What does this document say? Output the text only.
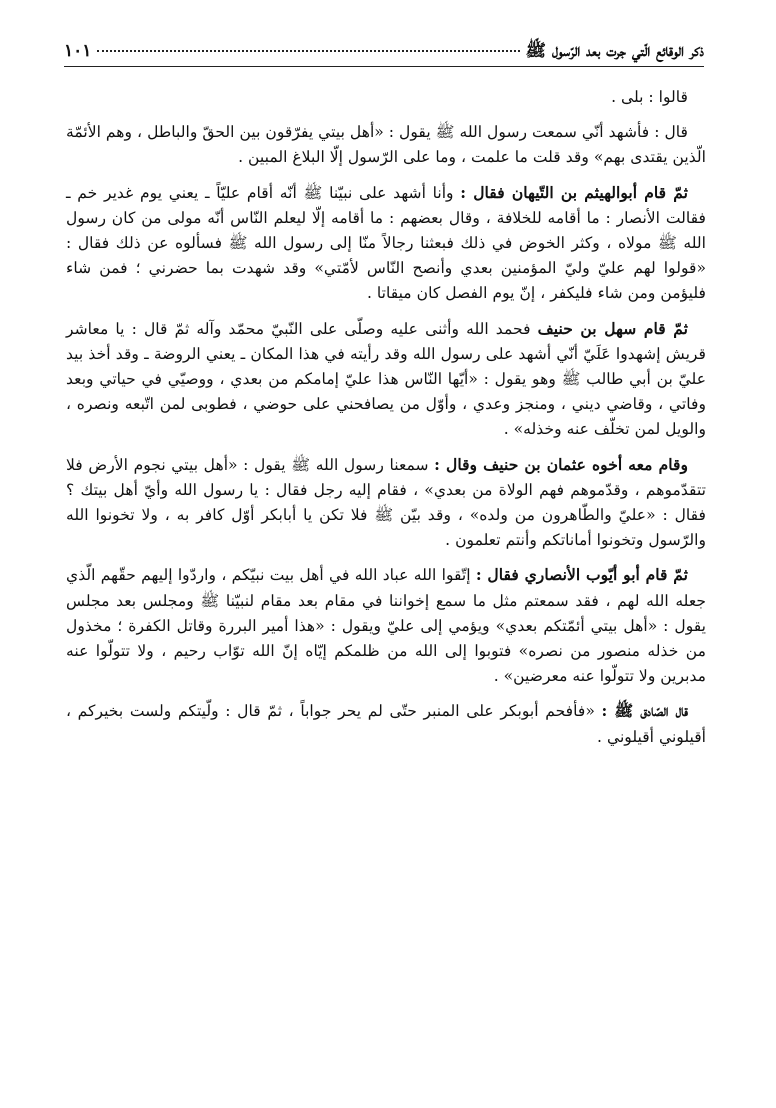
ذكر الوقائع الّتي جرت بعد الرّسول ﷺ
١٠١

قالوا : بلى .

قال : فأشهد أنّي سمعت رسول الله ﷺ يقول : «أهل بيتي يفرّقون بين الحقّ والباطل ، وهم الأئمّة الّذين يقتدى بهم» وقد قلت ما علمت ، وما على الرّسول إلّا البلاغ المبين .

ثمّ قام أبوالهيثم بن التّيهان فقال : وأنا أشهد على نبيّنا ﷺ أنّه أقام عليّاً ـ يعني يوم غدير خم ـ فقالت الأنصار : ما أقامه للخلافة ، وقال بعضهم : ما أقامه إلّا ليعلم النّاس أنّه مولى من كان رسول الله ﷺ مولاه ، وكثر الخوض في ذلك فبعثنا رجالاً منّا إلى رسول الله ﷺ فسألوه عن ذلك فقال : «قولوا لهم عليّ وليّ المؤمنين بعدي وأنصح النّاس لأمّتي» وقد شهدت بما حضرني ؛ فمن شاء فليؤمن ومن شاء فليكفر ، إنّ يوم الفصل كان ميقاتا .

ثمّ قام سهل بن حنيف فحمد الله وأثنى عليه وصلّى على النّبيّ محمّد وآله ثمّ قال : يا معاشر قريش إشهدوا عَلَيّ أنّي أشهد على رسول الله وقد رأيته في هذا المكان ـ يعني الروضة ـ وقد أخذ بيد عليّ بن أبي طالب ﷺ وهو يقول : «أيّها النّاس هذا عليّ إمامكم من بعدي ، ووصيّي في حياتي وبعد وفاتي ، وقاضي ديني ، ومنجز وعدي ، وأوّل من يصافحني على حوضي ، فطوبى لمن اتّبعه ونصره ، والويل لمن تخلّف عنه وخذله» .

وقام معه أخوه عثمان بن حنيف وقال : سمعنا رسول الله ﷺ يقول : «أهل بيتي نجوم الأرض فلا تتقدّموهم ، وقدّموهم فهم الولاة من بعدي» ، فقام إليه رجل فقال : يا رسول الله وأيّ أهل بيتك ؟ فقال : «عليّ والطّاهرون من ولده» ، وقد بيّن ﷺ فلا تكن يا أبابكر أوّل كافر به ، ولا تخونوا الله والرّسول وتخونوا أماناتكم وأنتم تعلمون .

ثمّ قام أبو أيّوب الأنصاري فقال : إتّقوا الله عباد الله في أهل بيت نبيّكم ، واردّوا إليهم حقّهم الّذي جعله الله لهم ، فقد سمعتم مثل ما سمع إخواننا في مقام بعد مقام لنبيّنا ﷺ ومجلس بعد مجلس يقول : «أهل بيتي أئمّتكم بعدي» ويؤمي إلى عليّ ويقول : «هذا أمير البررة وقاتل الكفرة ؛ مخذول من خذله منصور من نصره» فتوبوا إلى الله من ظلمكم إيّاه إنّ الله توّاب رحيم ، ولا تتولّوا عنه مدبرين ولا تتولّوا عنه معرضين» .

قال الصّادق ﷺ : «فأفحم أبوبكر على المنبر حتّى لم يحر جواباً ، ثمّ قال : ولّيتكم ولست بخيركم ، أقيلوني أقيلوني .
